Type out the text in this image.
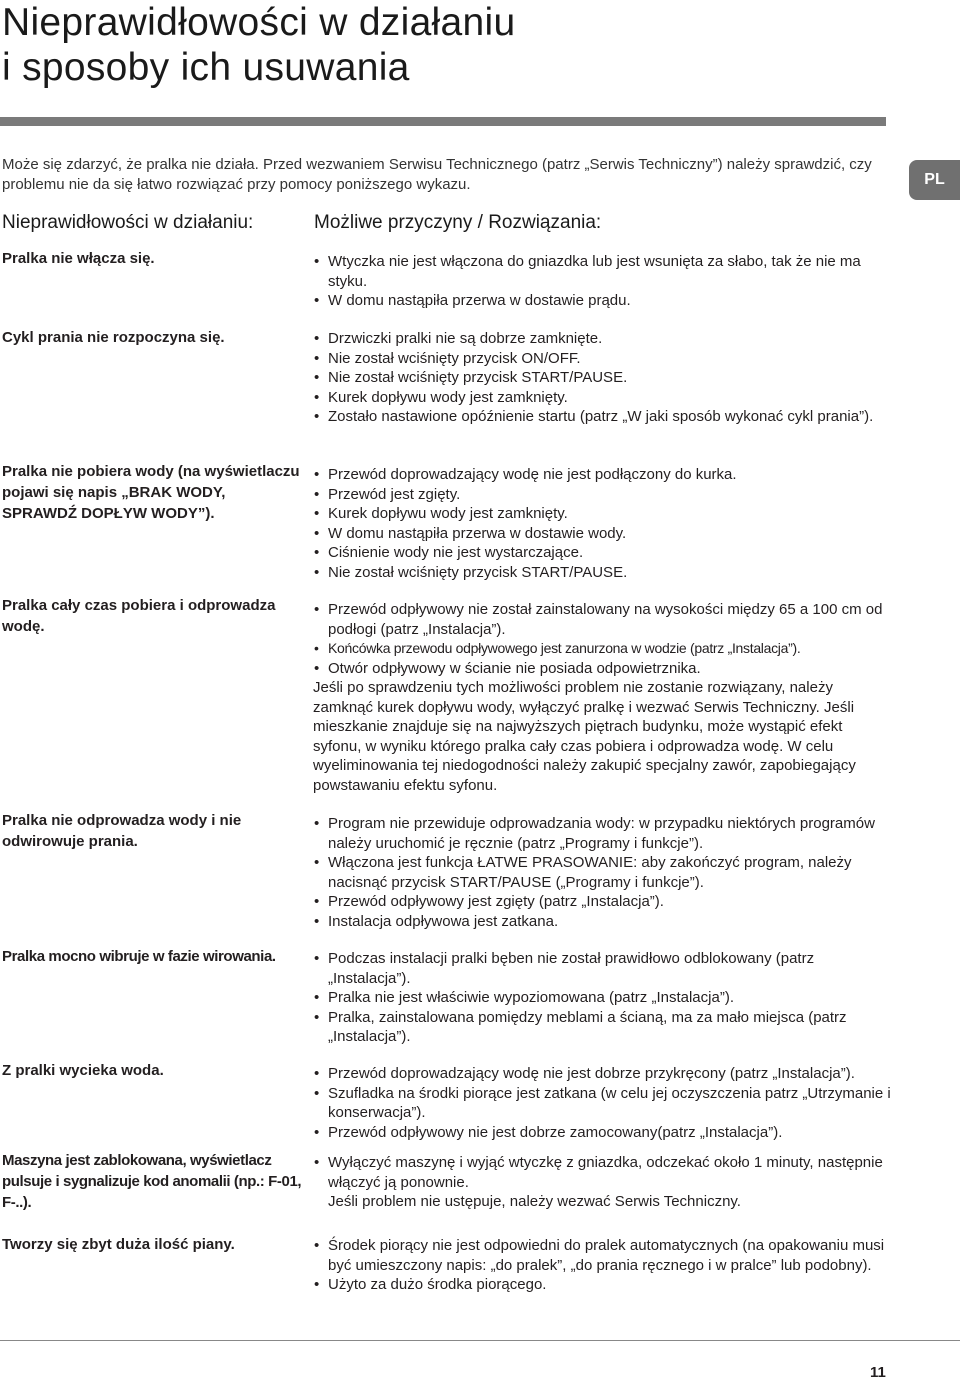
Nieprawidłowości w działaniu
i sposoby ich usuwania

Może się zdarzyć, że pralka nie działa. Przed wezwaniem Serwisu Technicznego (patrz „Serwis Techniczny”) należy sprawdzić, czy problemu nie da się łatwo rozwiązać przy pomocy poniższego wykazu.	PL
Nieprawidłowości w działaniu:	Możliwe przyczyny / Rozwiązania:
Pralka nie włącza się.	• Wtyczka nie jest włączona do gniazdka lub jest wsunięta za słabo, tak że nie ma styku.
• W domu nastąpiła przerwa w dostawie prądu.
Cykl prania nie rozpoczyna się.	• Drzwiczki pralki nie są dobrze zamknięte.
• Nie został wciśnięty przycisk ON/OFF.
• Nie został wciśnięty przycisk START/PAUSE.
• Kurek dopływu wody jest zamknięty.
• Zostało nastawione opóźnienie startu (patrz „W jaki sposób wykonać cykl prania”).
Pralka nie pobiera wody (na wyświetlaczu pojawi się napis „BRAK WODY, SPRAWDŹ DOPŁYW WODY”).
• Przewód doprowadzający wodę nie jest podłączony do kurka.
• Przewód jest zgięty.
• Kurek dopływu wody jest zamknięty.
• W domu nastąpiła przerwa w dostawie wody.
• Ciśnienie wody nie jest wystarczające.
• Nie został wciśnięty przycisk START/PAUSE.
Pralka cały czas pobiera i odprowadza wodę.
• Przewód odpływowy nie został zainstalowany na wysokości między 65 a 100 cm od podłogi (patrz „Instalacja”).
• Końcówka przewodu odpływowego jest zanurzona w wodzie (patrz „Instalacja”).
• Otwór odpływowy w ścianie nie posiada odpowietrznika.
Jeśli po sprawdzeniu tych możliwości problem nie zostanie rozwiązany, należy zamknąć kurek dopływu wody, wyłączyć pralkę i wezwać Serwis Techniczny. Jeśli mieszkanie znajduje się na najwyższych piętrach budynku, może wystąpić efekt syfonu, w wyniku którego pralka cały czas pobiera i odprowadza wodę. W celu wyeliminowania tej niedogodności należy zakupić specjalny zawór, zapobiegający powstawaniu efektu syfonu.
Pralka nie odprowadza wody i nie odwirowuje prania.
• Program nie przewiduje odprowadzania wody: w przypadku niektórych programów należy uruchomić je ręcznie (patrz „Programy i funkcje”).
• Włączona jest funkcja ŁATWE PRASOWANIE: aby zakończyć program, należy nacisnąć przycisk START/PAUSE („Programy i funkcje”).
• Przewód odpływowy jest zgięty (patrz „Instalacja”).
• Instalacja odpływowa jest zatkana.
Pralka mocno wibruje w fazie wirowania.	• Podczas instalacji pralki bęben nie został prawidłowo odblokowany (patrz „Instalacja”).
• Pralka nie jest właściwie wypoziomowana (patrz „Instalacja”).
• Pralka, zainstalowana pomiędzy meblami a ścianą, ma za mało miejsca (patrz „Instalacja”).
Z pralki wycieka woda.	• Przewód doprowadzający wodę nie jest dobrze przykręcony (patrz „Instalacja”).
• Szufladka na środki piorące jest zatkana (w celu jej oczyszczenia patrz „Utrzymanie i konserwacja”).
• Przewód odpływowy nie jest dobrze zamocowany(patrz „Instalacja”).
Maszyna jest zablokowana, wyświetlacz pulsuje i sygnalizuje kod anomalii (np.: F-01, F-..).
• Wyłączyć maszynę i wyjąć wtyczkę z gniazdka, odczekać około 1 minuty, następnie włączyć ją ponownie.
Jeśli problem nie ustępuje, należy wezwać Serwis Techniczny.
Tworzy się zbyt duża ilość piany.	• Środek piorący nie jest odpowiedni do pralek automatycznych (na opakowaniu musi być umieszczony napis: „do pralek”, „do prania ręcznego i w pralce” lub podobny).
• Użyto za dużo środka piorącego.
11
